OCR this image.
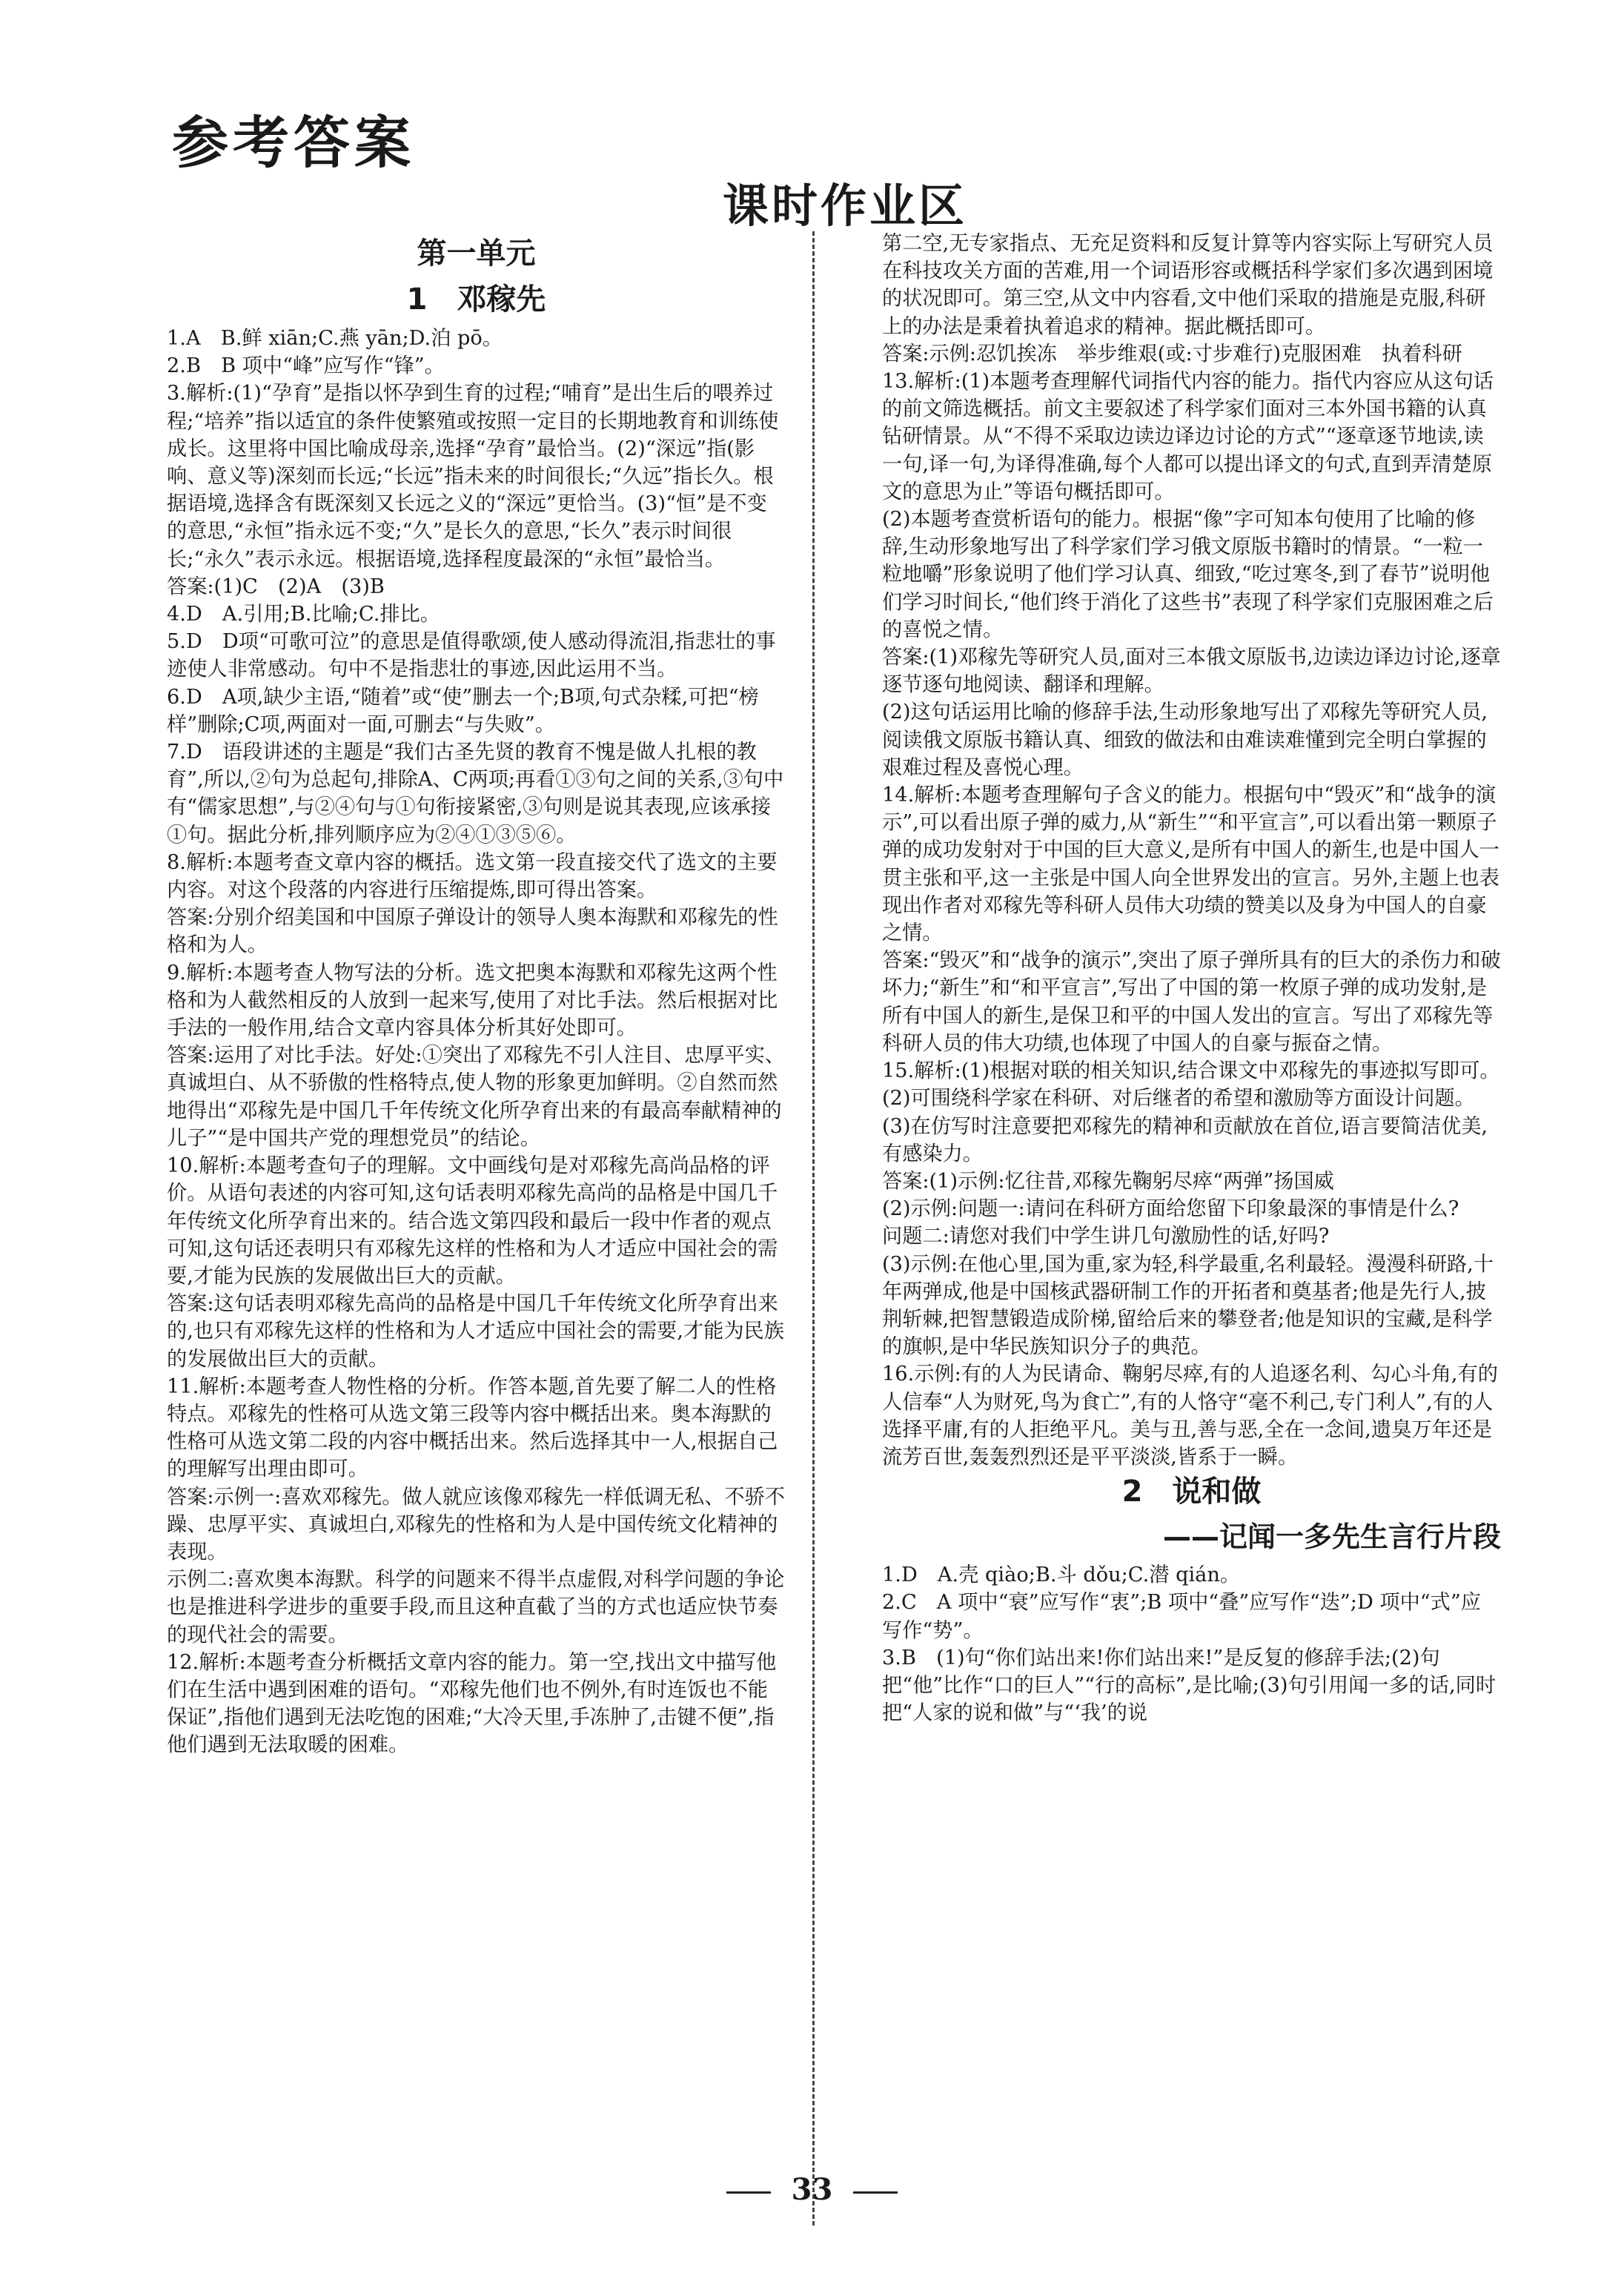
参考答案
课时作业区
第一单元
1　邓稼先

1.A　B.鲜 xiān;C.燕 yān;D.泊 pō。

2.B　B 项中“峰”应写作“锋”。

3.解析:(1)“孕育”是指以怀孕到生育的过程;“哺育”是出生后的喂养过程;“培养”指以适宜的条件使繁殖或按照一定目的长期地教育和训练使成长。这里将中国比喻成母亲,选择“孕育”最恰当。(2)“深远”指(影响、意义等)深刻而长远;“长远”指未来的时间很长;“久远”指长久。根据语境,选择含有既深刻又长远之义的“深远”更恰当。(3)“恒”是不变的意思,“永恒”指永远不变;“久”是长久的意思,“长久”表示时间很长;“永久”表示永远。根据语境,选择程度最深的“永恒”最恰当。

答案:(1)C　(2)A　(3)B

4.D　A.引用;B.比喻;C.排比。

5.D　D项“可歌可泣”的意思是值得歌颂,使人感动得流泪,指悲壮的事迹使人非常感动。句中不是指悲壮的事迹,因此运用不当。

6.D　A项,缺少主语,“随着”或“使”删去一个;B项,句式杂糅,可把“榜样”删除;C项,两面对一面,可删去“与失败”。

7.D　语段讲述的主题是“我们古圣先贤的教育不愧是做人扎根的教育”,所以,②句为总起句,排除A、C两项;再看①③句之间的关系,③句中有“儒家思想”,与②④句与①句衔接紧密,③句则是说其表现,应该承接①句。据此分析,排列顺序应为②④①③⑤⑥。

8.解析:本题考查文章内容的概括。选文第一段直接交代了选文的主要内容。对这个段落的内容进行压缩提炼,即可得出答案。

答案:分别介绍美国和中国原子弹设计的领导人奥本海默和邓稼先的性格和为人。

9.解析:本题考查人物写法的分析。选文把奥本海默和邓稼先这两个性格和为人截然相反的人放到一起来写,使用了对比手法。然后根据对比手法的一般作用,结合文章内容具体分析其好处即可。

答案:运用了对比手法。好处:①突出了邓稼先不引人注目、忠厚平实、真诚坦白、从不骄傲的性格特点,使人物的形象更加鲜明。②自然而然地得出“邓稼先是中国几千年传统文化所孕育出来的有最高奉献精神的儿子”“是中国共产党的理想党员”的结论。

10.解析:本题考查句子的理解。文中画线句是对邓稼先高尚品格的评价。从语句表述的内容可知,这句话表明邓稼先高尚的品格是中国几千年传统文化所孕育出来的。结合选文第四段和最后一段中作者的观点可知,这句话还表明只有邓稼先这样的性格和为人才适应中国社会的需要,才能为民族的发展做出巨大的贡献。

答案:这句话表明邓稼先高尚的品格是中国几千年传统文化所孕育出来的,也只有邓稼先这样的性格和为人才适应中国社会的需要,才能为民族的发展做出巨大的贡献。

11.解析:本题考查人物性格的分析。作答本题,首先要了解二人的性格特点。邓稼先的性格可从选文第三段等内容中概括出来。奥本海默的性格可从选文第二段的内容中概括出来。然后选择其中一人,根据自己的理解写出理由即可。

答案:示例一:喜欢邓稼先。做人就应该像邓稼先一样低调无私、不骄不躁、忠厚平实、真诚坦白,邓稼先的性格和为人是中国传统文化精神的表现。

示例二:喜欢奥本海默。科学的问题来不得半点虚假,对科学问题的争论也是推进科学进步的重要手段,而且这种直截了当的方式也适应快节奏的现代社会的需要。

12.解析:本题考查分析概括文章内容的能力。第一空,找出文中描写他们在生活中遇到困难的语句。“邓稼先他们也不例外,有时连饭也不能保证”,指他们遇到无法吃饱的困难;“大冷天里,手冻肿了,击键不便”,指他们遇到无法取暖的困难。

第二空,无专家指点、无充足资料和反复计算等内容实际上写研究人员在科技攻关方面的苦难,用一个词语形容或概括科学家们多次遇到困境的状况即可。第三空,从文中内容看,文中他们采取的措施是克服,科研上的办法是秉着执着追求的精神。据此概括即可。

答案:示例:忍饥挨冻　举步维艰(或:寸步难行)克服困难　执着科研

13.解析:(1)本题考查理解代词指代内容的能力。指代内容应从这句话的前文筛选概括。前文主要叙述了科学家们面对三本外国书籍的认真钻研情景。从“不得不采取边读边译边讨论的方式”“逐章逐节地读,读一句,译一句,为译得准确,每个人都可以提出译文的句式,直到弄清楚原文的意思为止”等语句概括即可。

(2)本题考查赏析语句的能力。根据“像”字可知本句使用了比喻的修辞,生动形象地写出了科学家们学习俄文原版书籍时的情景。“一粒一粒地嚼”形象说明了他们学习认真、细致,“吃过寒冬,到了春节”说明他们学习时间长,“他们终于消化了这些书”表现了科学家们克服困难之后的喜悦之情。

答案:(1)邓稼先等研究人员,面对三本俄文原版书,边读边译边讨论,逐章逐节逐句地阅读、翻译和理解。

(2)这句话运用比喻的修辞手法,生动形象地写出了邓稼先等研究人员,阅读俄文原版书籍认真、细致的做法和由难读难懂到完全明白掌握的艰难过程及喜悦心理。

14.解析:本题考查理解句子含义的能力。根据句中“毁灭”和“战争的演示”,可以看出原子弹的威力,从“新生”“和平宣言”,可以看出第一颗原子弹的成功发射对于中国的巨大意义,是所有中国人的新生,也是中国人一贯主张和平,这一主张是中国人向全世界发出的宣言。另外,主题上也表现出作者对邓稼先等科研人员伟大功绩的赞美以及身为中国人的自豪之情。

答案:“毁灭”和“战争的演示”,突出了原子弹所具有的巨大的杀伤力和破坏力;“新生”和“和平宣言”,写出了中国的第一枚原子弹的成功发射,是所有中国人的新生,是保卫和平的中国人发出的宣言。写出了邓稼先等科研人员的伟大功绩,也体现了中国人的自豪与振奋之情。

15.解析:(1)根据对联的相关知识,结合课文中邓稼先的事迹拟写即可。

(2)可围绕科学家在科研、对后继者的希望和激励等方面设计问题。

(3)在仿写时注意要把邓稼先的精神和贡献放在首位,语言要简洁优美,有感染力。

答案:(1)示例:忆往昔,邓稼先鞠躬尽瘁“两弹”扬国威

(2)示例:问题一:请问在科研方面给您留下印象最深的事情是什么?

问题二:请您对我们中学生讲几句激励性的话,好吗?

(3)示例:在他心里,国为重,家为轻,科学最重,名利最轻。漫漫科研路,十年两弹成,他是中国核武器研制工作的开拓者和奠基者;他是先行人,披荆斩棘,把智慧锻造成阶梯,留给后来的攀登者;他是知识的宝藏,是科学的旗帜,是中华民族知识分子的典范。

16.示例:有的人为民请命、鞠躬尽瘁,有的人追逐名利、勾心斗角,有的人信奉“人为财死,鸟为食亡”,有的人恪守“毫不利己,专门利人”,有的人选择平庸,有的人拒绝平凡。美与丑,善与恶,全在一念间,遗臭万年还是流芳百世,轰轰烈烈还是平平淡淡,皆系于一瞬。

2　说和做
——记闻一多先生言行片段

1.D　A.壳 qiào;B.斗 dǒu;C.潜 qián。

2.C　A 项中“衰”应写作“衷”;B 项中“叠”应写作“迭”;D 项中“式”应写作“势”。

3.B　(1)句“你们站出来!你们站出来!”是反复的修辞手法;(2)句把“他”比作“口的巨人”“行的高标”,是比喻;(3)句引用闻一多的话,同时把“人家的说和做”与“‘我’的说

33
